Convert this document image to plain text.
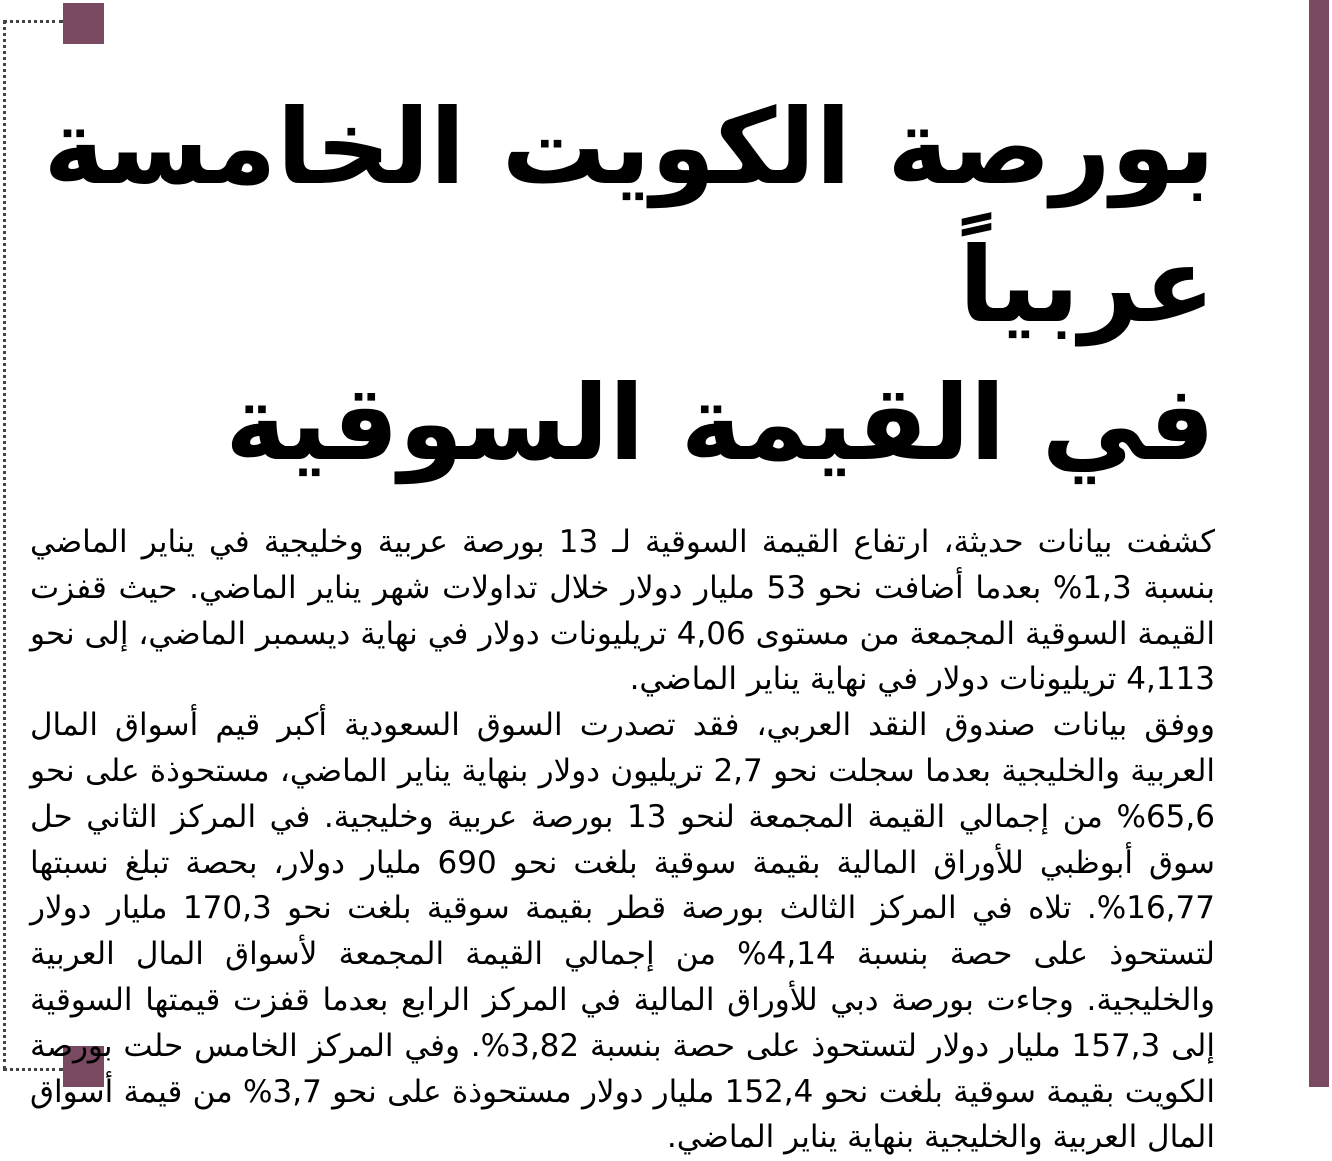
بورصة الكويت الخامسة عربياً
في القيمة السوقية

كشفت بيانات حديثة، ارتفاع القيمة السوقية لـ 13 بورصة عربية وخليجية في يناير الماضي بنسبة 1,3% بعدما أضافت نحو 53 مليار دولار خلال تداولات شهر يناير الماضي. حيث قفزت القيمة السوقية المجمعة من مستوى 4,06 تريليونات دولار في نهاية ديسمبر الماضي، إلى نحو 4,113 تريليونات دولار في نهاية يناير الماضي.

ووفق بيانات صندوق النقد العربي، فقد تصدرت السوق السعودية أكبر قيم أسواق المال العربية والخليجية بعدما سجلت نحو 2,7 تريليون دولار بنهاية يناير الماضي، مستحوذة على نحو 65,6% من إجمالي القيمة المجمعة لنحو 13 بورصة عربية وخليجية. في المركز الثاني حل سوق أبوظبي للأوراق المالية بقيمة سوقية بلغت نحو 690 مليار دولار، بحصة تبلغ نسبتها 16,77%. تلاه في المركز الثالث بورصة قطر بقيمة سوقية بلغت نحو 170,3 مليار دولار لتستحوذ على حصة بنسبة 4,14% من إجمالي القيمة المجمعة لأسواق المال العربية والخليجية. وجاءت بورصة دبي للأوراق المالية في المركز الرابع بعدما قفزت قيمتها السوقية إلى 157,3 مليار دولار لتستحوذ على حصة بنسبة 3,82%. وفي المركز الخامس حلت بورصة الكويت بقيمة سوقية بلغت نحو 152,4 مليار دولار مستحوذة على نحو 3,7% من قيمة أسواق المال العربية والخليجية بنهاية يناير الماضي.
